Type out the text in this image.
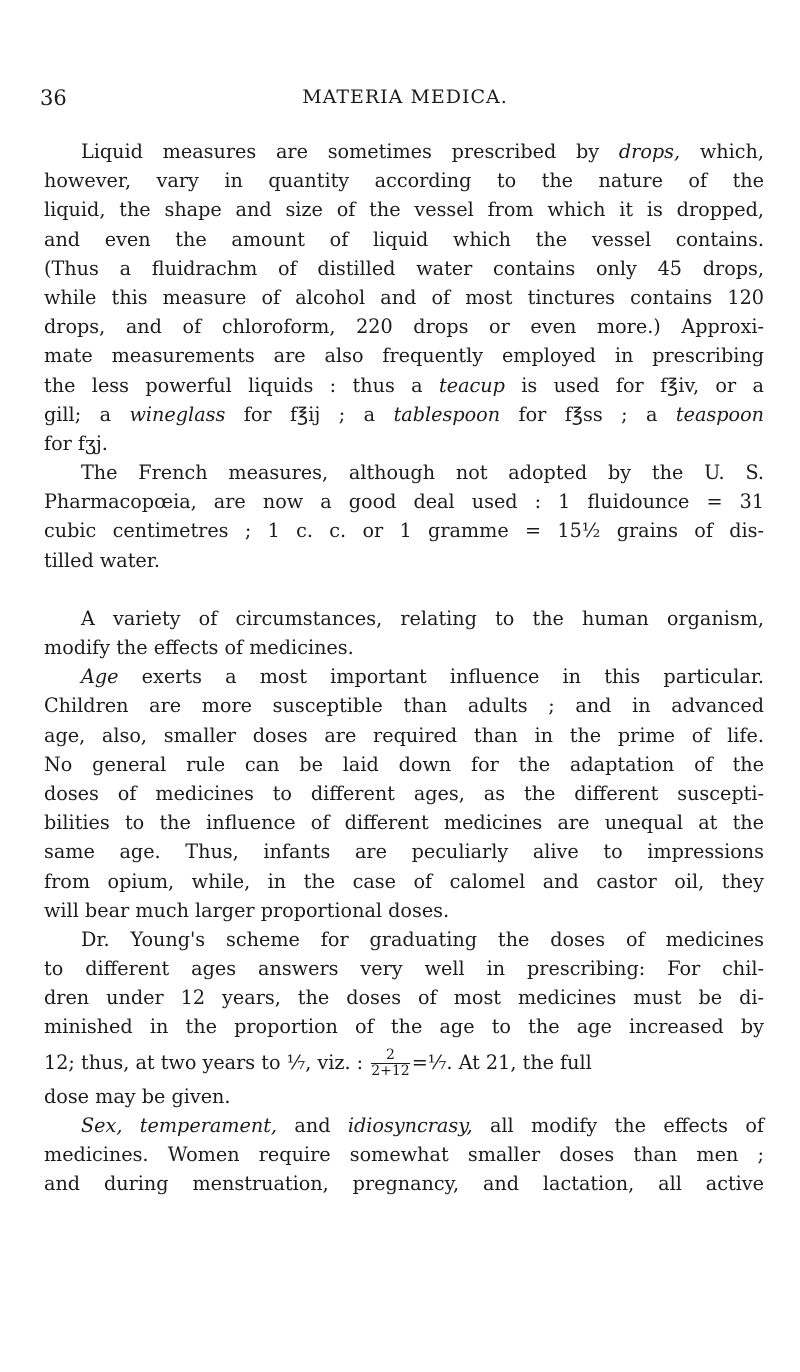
36	MATERIA MEDICA.
Liquid measures are sometimes prescribed by drops, which,
however, vary in quantity according to the nature of the
liquid, the shape and size of the vessel from which it is dropped,
and even the amount of liquid which the vessel contains.
(Thus a fluidrachm of distilled water contains only 45 drops,
while this measure of alcohol and of most tinctures contains 120
drops, and of chloroform, 220 drops or even more.) Approxi-
mate measurements are also frequently employed in prescribing
the less powerful liquids : thus a teacup is used for f℥iv, or a
gill; a wineglass for f℥ij ; a tablespoon for f℥ss ; a teaspoon
for fʒj.
The French measures, although not adopted by the U. S.
Pharmacopœia, are now a good deal used : 1 fluidounce = 31
cubic centimetres ; 1 c. c. or 1 gramme = 15½ grains of dis-
tilled water.
A variety of circumstances, relating to the human organism,
modify the effects of medicines.
Age exerts a most important influence in this particular.
Children are more susceptible than adults ; and in advanced
age, also, smaller doses are required than in the prime of life.
No general rule can be laid down for the adaptation of the
doses of medicines to different ages, as the different suscepti-
bilities to the influence of different medicines are unequal at the
same age. Thus, infants are peculiarly alive to impressions
from opium, while, in the case of calomel and castor oil, they
will bear much larger proportional doses.
Dr. Young's scheme for graduating the doses of medicines
to different ages answers very well in prescribing: For chil-
dren under 12 years, the doses of most medicines must be di-
minished in the proportion of the age to the age increased by
12; thus, at two years to ⅐, viz. : $\frac{2}{2+12}$ =⅐. At 21, the full
dose may be given.
Sex, temperament, and idiosyncrasy, all modify the effects of
medicines. Women require somewhat smaller doses than men ;
and during menstruation, pregnancy, and lactation, all active
